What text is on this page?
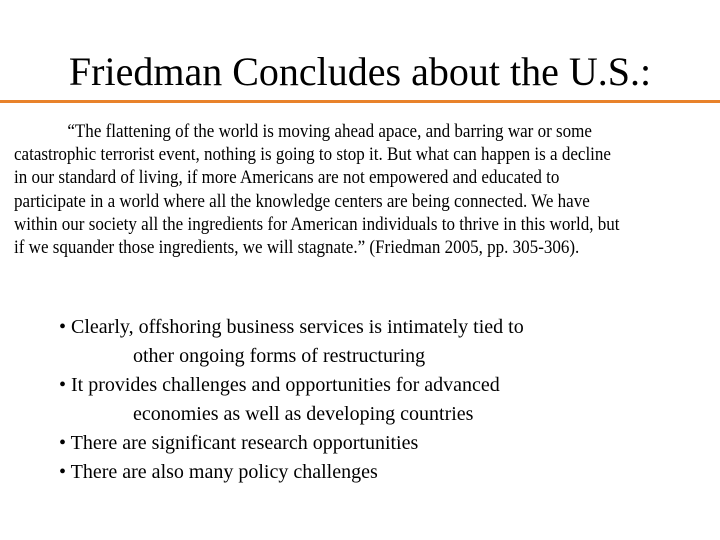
Friedman Concludes about the U.S.:
“The flattening of the world is moving ahead apace, and barring war or some
catastrophic terrorist event, nothing is going to stop it. But what can happen is a decline
in our standard of living, if more Americans are not empowered and educated to
participate in a world where all the knowledge centers are being connected. We have
within our society all the ingredients for American individuals to thrive in this world, but
if we squander those ingredients, we will stagnate.” (Friedman 2005, pp. 305-306).
• Clearly, offshoring business services is intimately tied to
other ongoing forms of restructuring
• It provides challenges and opportunities for advanced
economies as well as developing countries
• There are significant research opportunities
• There are also many policy challenges
